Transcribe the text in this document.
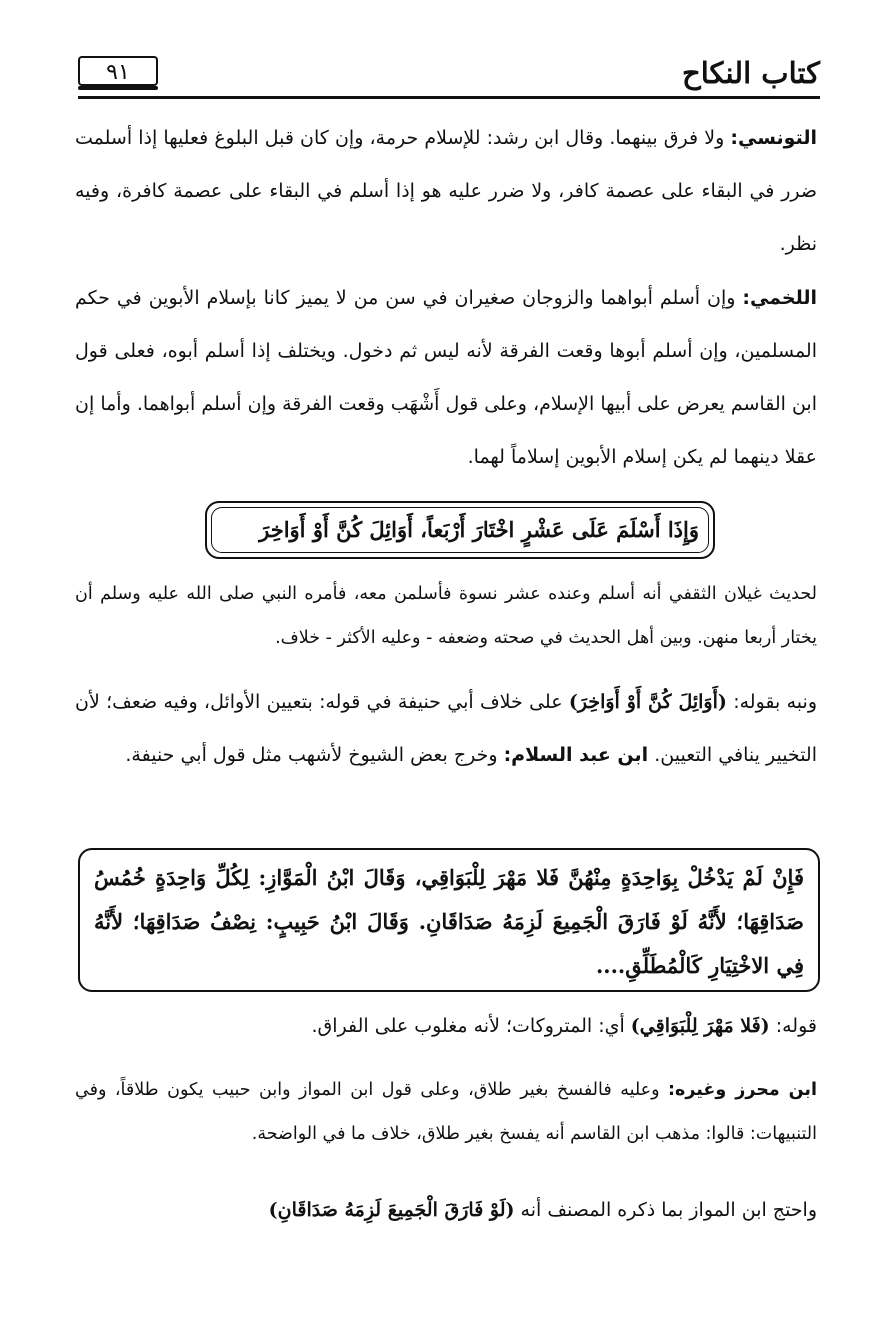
كتاب النكاح
٩١
التونسي: ولا فرق بينهما. وقال ابن رشد: للإسلام حرمة، وإن كان قبل البلوغ فعليها إذا أسلمت ضرر في البقاء على عصمة كافر، ولا ضرر عليه هو إذا أسلم في البقاء على عصمة كافرة، وفيه نظر.
اللخمي: وإن أسلم أبواهما والزوجان صغيران في سن من لا يميز كانا بإسلام الأبوين في حكم المسلمين، وإن أسلم أبوها وقعت الفرقة لأنه ليس ثم دخول. ويختلف إذا أسلم أبوه، فعلى قول ابن القاسم يعرض على أبيها الإسلام، وعلى قول أَشْهَب وقعت الفرقة وإن أسلم أبواهما. وأما إن عقلا دينهما لم يكن إسلام الأبوين إسلاماً لهما.
وَإِذَا أَسْلَمَ عَلَى عَشْرٍ اخْتَارَ أَرْبَعاً، أَوَائِلَ كُنَّ أَوْ أَوَاخِرَ
لحديث غيلان الثقفي أنه أسلم وعنده عشر نسوة فأسلمن معه، فأمره النبي صلى الله عليه وسلم أن يختار أربعا منهن. وبين أهل الحديث في صحته وضعفه - وعليه الأكثر - خلاف.
ونبه بقوله: (أَوَائِلَ كُنَّ أَوْ أَوَاخِرَ) على خلاف أبي حنيفة في قوله: بتعيين الأوائل، وفيه ضعف؛ لأن التخيير ينافي التعيين. ابن عبد السلام: وخرج بعض الشيوخ لأشهب مثل قول أبي حنيفة.
فَإِنْ لَمْ يَدْخُلْ بِوَاحِدَةٍ مِنْهُنَّ فَلا مَهْرَ لِلْبَوَاقِي، وَقَالَ ابْنُ الْمَوَّازِ: لِكُلِّ وَاحِدَةٍ خُمُسُ صَدَاقِهَا؛ لأَنَّهُ لَوْ فَارَقَ الْجَمِيعَ لَزِمَهُ صَدَاقَانِ. وَقَالَ ابْنُ حَبِيبٍ: نِصْفُ صَدَاقِهَا؛ لأَنَّهُ فِي الاخْتِيَارِ كَالْمُطَلِّقِ....
قوله: (فَلا مَهْرَ لِلْبَوَاقِي) أي: المتروكات؛ لأنه مغلوب على الفراق.
ابن محرز وغيره: وعليه فالفسخ بغير طلاق، وعلى قول ابن المواز وابن حبيب يكون طلاقاً، وفي التنبيهات: قالوا: مذهب ابن القاسم أنه يفسخ بغير طلاق، خلاف ما في الواضحة.
واحتج ابن المواز بما ذكره المصنف أنه (لَوْ فَارَقَ الْجَمِيعَ لَزِمَهُ صَدَاقَانِ)
